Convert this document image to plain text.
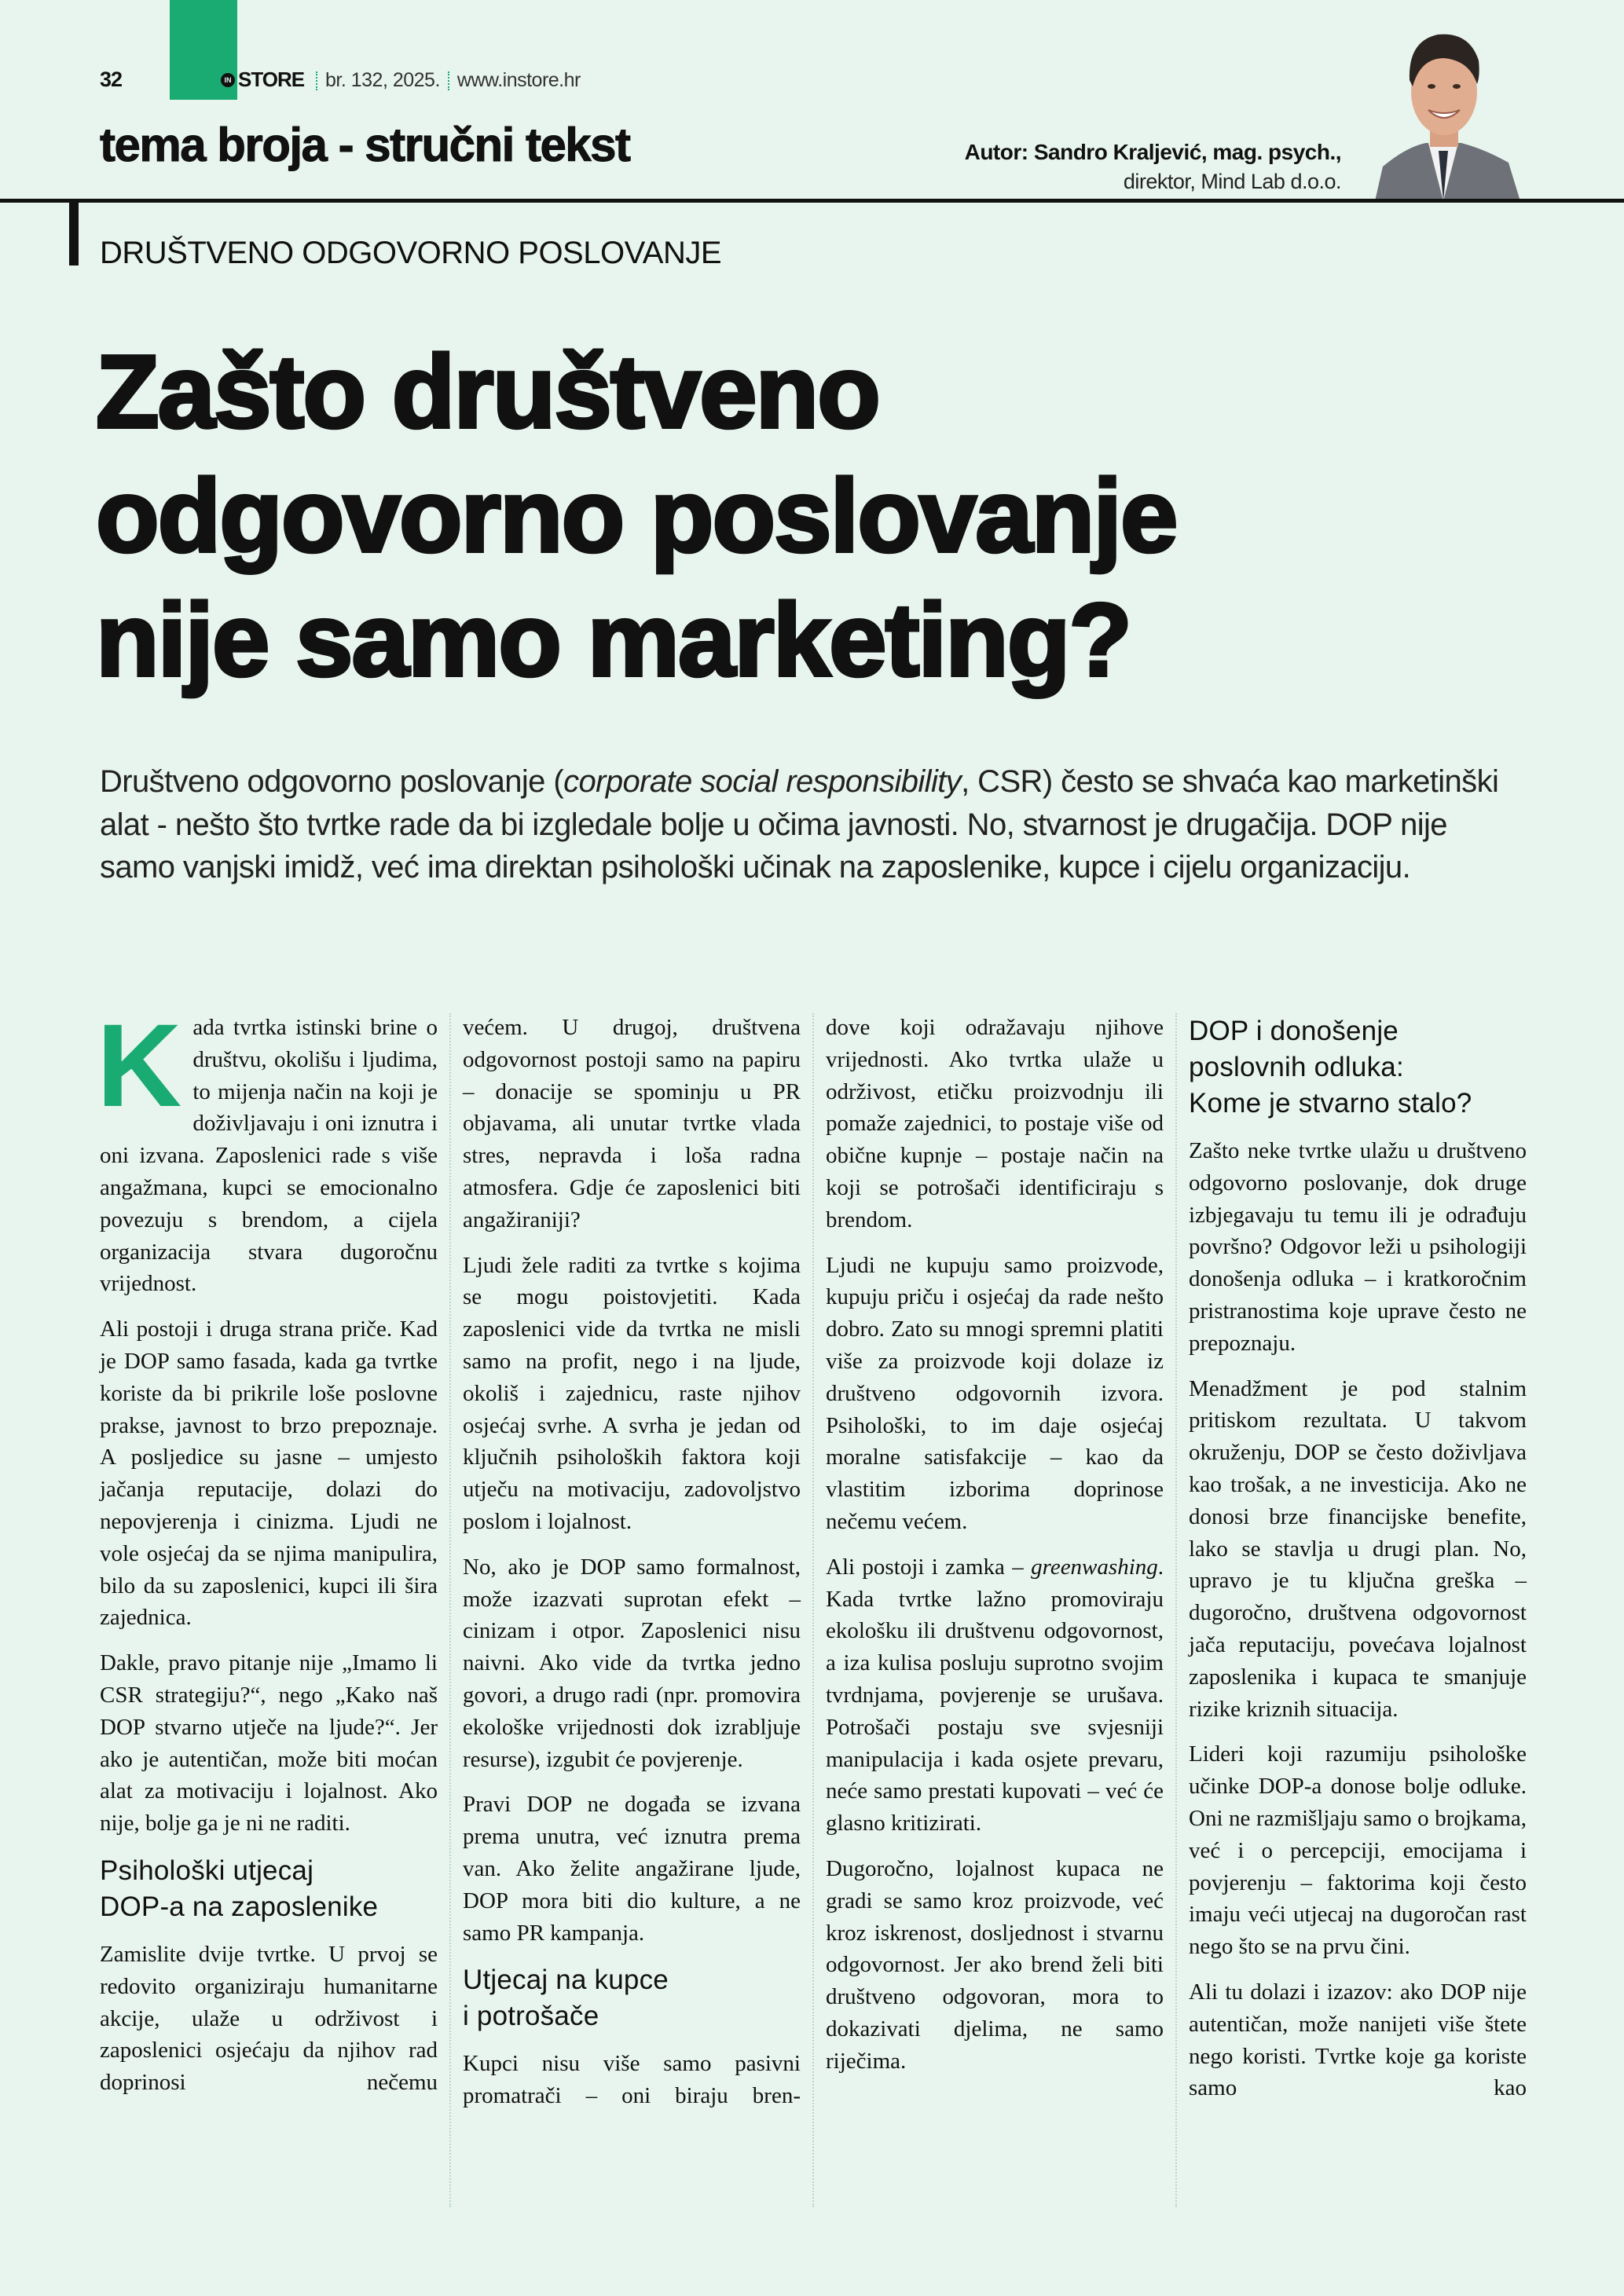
32	IN STORE	br. 132, 2025. www.instore.hr
tema broja - stručni tekst	Autor: Sandro Kraljević, mag. psych.,
direktor, Mind Lab d.o.o.
DRUŠTVENO ODGOVORNO POSLOVANJE
Zašto društveno
odgovorno poslovanje
nije samo marketing?
Društveno odgovorno poslovanje (corporate social responsibility, CSR) često se shvaća kao marketinški alat - nešto što tvrtke rade da bi izgledale bolje u očima javnosti. No, stvarnost je drugačija. DOP nije samo vanjski imidž, već ima direktan psihološki učinak na zaposlenike, kupce i cijelu organizaciju.

Kada tvrtka istinski brine o društvu, okolišu i ljudima, to mijenja način na koji je doživljavaju i oni iznutra i oni izvana. Zaposlenici rade s više angažmana, kupci se emocionalno povezuju s brendom, a cijela organizacija stvara dugoročnu vrijednost.

Ali postoji i druga strana priče. Kad je DOP samo fasada, kada ga tvrtke koriste da bi prikrile loše poslovne prakse, javnost to brzo prepoznaje. A posljedice su jasne – umjesto jačanja reputacije, dolazi do nepovjerenja i cinizma. Ljudi ne vole osjećaj da se njima manipulira, bilo da su zaposlenici, kupci ili šira zajednica.

Dakle, pravo pitanje nije „Imamo li CSR strategiju?“, nego „Kako naš DOP stvarno utječe na ljude?“. Jer ako je autentičan, može biti moćan alat za motivaciju i lojalnost. Ako nije, bolje ga je ni ne raditi.

Psihološki utjecaj
DOP-a na zaposlenike

Zamislite dvije tvrtke. U prvoj se redovito organiziraju humanitarne akcije, ulaže u održivost i zaposlenici osjećaju da njihov rad doprinosi nečemu

većem. U drugoj, društvena odgovornost postoji samo na papiru – donacije se spominju u PR objavama, ali unutar tvrtke vlada stres, nepravda i loša radna atmosfera. Gdje će zaposlenici biti angažiraniji?

Ljudi žele raditi za tvrtke s kojima se mogu poistovjetiti. Kada zaposlenici vide da tvrtka ne misli samo na profit, nego i na ljude, okoliš i zajednicu, raste njihov osjećaj svrhe. A svrha je jedan od ključnih psiholoških faktora koji utječu na motivaciju, zadovoljstvo poslom i lojalnost.

No, ako je DOP samo formalnost, može izazvati suprotan efekt – cinizam i otpor. Zaposlenici nisu naivni. Ako vide da tvrtka jedno govori, a drugo radi (npr. promovira ekološke vrijednosti dok izrabljuje resurse), izgubit će povjerenje.

Pravi DOP ne događa se izvana prema unutra, već iznutra prema van. Ako želite angažirane ljude, DOP mora biti dio kulture, a ne samo PR kampanja.

Utjecaj na kupce
i potrošače

Kupci nisu više samo pasivni promatrači – oni biraju bren-

dove koji odražavaju njihove vrijednosti. Ako tvrtka ulaže u održivost, etičku proizvodnju ili pomaže zajednici, to postaje više od obične kupnje – postaje način na koji se potrošači identificiraju s brendom.

Ljudi ne kupuju samo proizvode, kupuju priču i osjećaj da rade nešto dobro. Zato su mnogi spremni platiti više za proizvode koji dolaze iz društveno odgovornih izvora. Psihološki, to im daje osjećaj moralne satisfakcije – kao da vlastitim izborima doprinose nečemu većem.

Ali postoji i zamka – greenwashing. Kada tvrtke lažno promoviraju ekološku ili društvenu odgovornost, a iza kulisa posluju suprotno svojim tvrdnjama, povjerenje se urušava. Potrošači postaju sve svjesniji manipulacija i kada osjete prevaru, neće samo prestati kupovati – već će glasno kritizirati.

Dugoročno, lojalnost kupaca ne gradi se samo kroz proizvode, već kroz iskrenost, dosljednost i stvarnu odgovornost. Jer ako brend želi biti društveno odgovoran, mora to dokazivati djelima, ne samo riječima.

DOP i donošenje
poslovnih odluka:
Kome je stvarno stalo?

Zašto neke tvrtke ulažu u društveno odgovorno poslovanje, dok druge izbjegavaju tu temu ili je odrađuju površno? Odgovor leži u psihologiji donošenja odluka – i kratkoročnim pristranostima koje uprave često ne prepoznaju.

Menadžment je pod stalnim pritiskom rezultata. U takvom okruženju, DOP se često doživljava kao trošak, a ne investicija. Ako ne donosi brze financijske benefite, lako se stavlja u drugi plan. No, upravo je tu ključna greška – dugoročno, društvena odgovornost jača reputaciju, povećava lojalnost zaposlenika i kupaca te smanjuje rizike kriznih situacija.

Lideri koji razumiju psihološke učinke DOP-a donose bolje odluke. Oni ne razmišljaju samo o brojkama, već i o percepciji, emocijama i povjerenju – faktorima koji često imaju veći utjecaj na dugoročan rast nego što se na prvu čini.

Ali tu dolazi i izazov: ako DOP nije autentičan, može nanijeti više štete nego koristi. Tvrtke koje ga koriste samo kao
